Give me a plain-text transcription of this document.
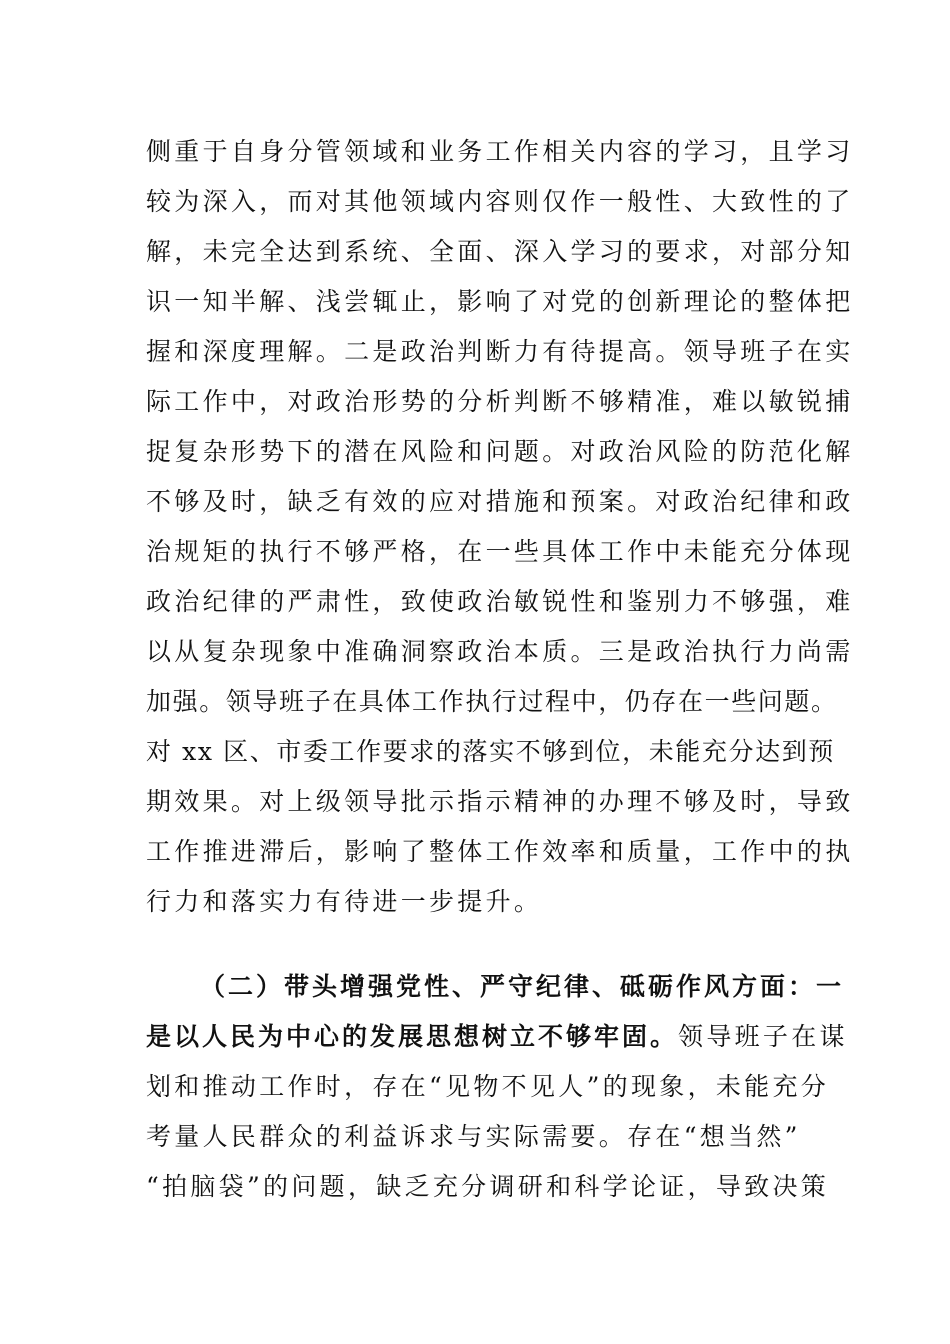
侧重于自身分管领域和业务工作相关内容的学习，且学习
较为深入，而对其他领域内容则仅作一般性、大致性的了
解，未完全达到系统、全面、深入学习的要求，对部分知
识一知半解、浅尝辄止，影响了对党的创新理论的整体把
握和深度理解。二是政治判断力有待提高。领导班子在实
际工作中，对政治形势的分析判断不够精准，难以敏锐捕
捉复杂形势下的潜在风险和问题。对政治风险的防范化解
不够及时，缺乏有效的应对措施和预案。对政治纪律和政
治规矩的执行不够严格，在一些具体工作中未能充分体现
政治纪律的严肃性，致使政治敏锐性和鉴别力不够强，难
以从复杂现象中准确洞察政治本质。三是政治执行力尚需
加强。领导班子在具体工作执行过程中，仍存在一些问题。
对 xx 区、市委工作要求的落实不够到位，未能充分达到预
期效果。对上级领导批示指示精神的办理不够及时，导致
工作推进滞后，影响了整体工作效率和质量，工作中的执
行力和落实力有待进一步提升。
（二）带头增强党性、严守纪律、砥砺作风方面：一
是以人民为中心的发展思想树立不够牢固。领导班子在谋
划和推动工作时，存在“见物不见人”的现象，未能充分
考量人民群众的利益诉求与实际需要。存在“想当然”
“拍脑袋”的问题，缺乏充分调研和科学论证，导致决策
